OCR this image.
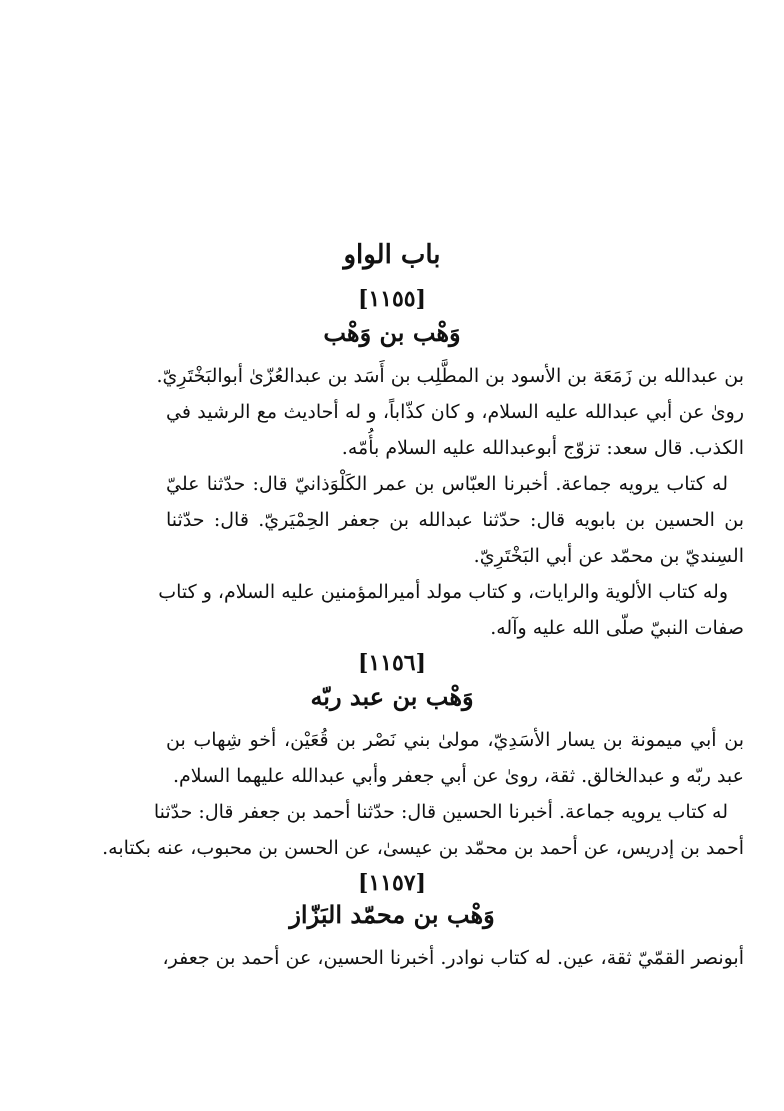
باب الواو
[١١٥٥]
وَهْب بن وَهْب
بن عبدالله بن زَمَعَة بن الأسود بن المطَّلِب بن أَسَد بن عبدالعُزّىٰ أبوالبَخْتَرِيّ.
روىٰ عن أبي عبدالله عليه السلام، و كان كذّاباً، و له أحاديث مع الرشيد في
الكذب. قال سعد: تزوّج أبوعبدالله عليه السلام بأُمّه.
له كتاب يرويه جماعة. أخبرنا العبّاس بن عمر الكَلْوَذانيّ قال: حدّثنا عليّ
بن الحسين بن بابويه قال: حدّثنا عبدالله بن جعفر الحِمْيَريّ. قال: حدّثنا
السِنديّ بن محمّد عن أبي البَخْتَرِيّ.
وله كتاب الألوية والرايات، و كتاب مولد أميرالمؤمنين عليه السلام، و كتاب
صفات النبيّ صلّى الله عليه وآله.
[١١٥٦]
وَهْب بن عبد ربّه
بن أبي ميمونة بن يسار الأسَدِيّ، مولىٰ بني نَصْر بن قُعَيْن، أخو شِهاب بن
عبد ربّه و عبدالخالق. ثقة، روىٰ عن أبي جعفر وأبي عبدالله عليهما السلام.
له كتاب يرويه جماعة. أخبرنا الحسين قال: حدّثنا أحمد بن جعفر قال: حدّثنا
أحمد بن إدريس، عن أحمد بن محمّد بن عيسىٰ، عن الحسن بن محبوب، عنه بكتابه.
[١١٥٧]
وَهْب بن محمّد البَزّاز
أبونصر القمّيّ ثقة، عين. له كتاب نوادر. أخبرنا الحسين، عن أحمد بن جعفر،
